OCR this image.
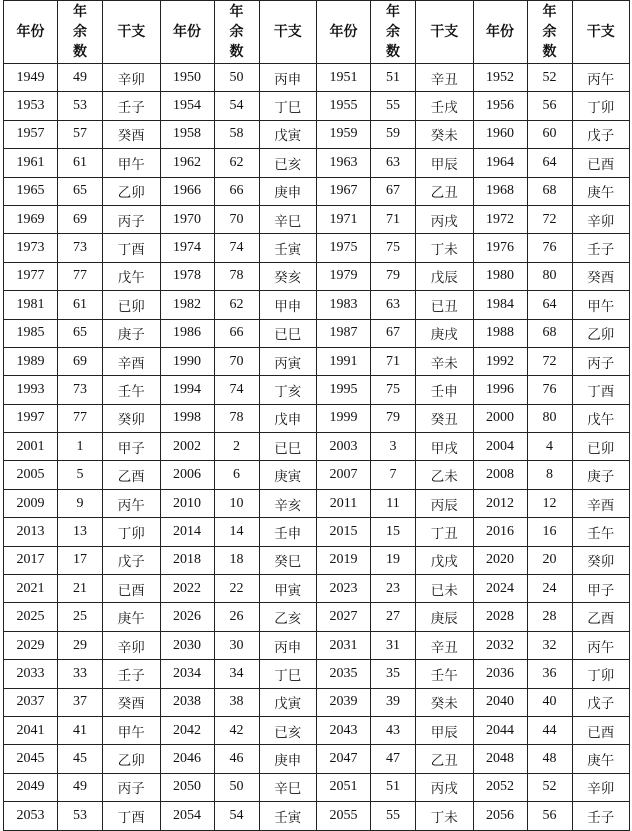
年份	年
余
数	干支	年份	年
余
数	干支	年份	年
余
数	干支	年份	年
余
数	干支
1949	49	辛卯	1950	50	丙申	1951	51	辛丑	1952	52	丙午
1953	53	壬子	1954	54	丁巳	1955	55	壬戌	1956	56	丁卯
1957	57	癸酉	1958	58	戊寅	1959	59	癸未	1960	60	戊子
1961	61	甲午	1962	62	已亥	1963	63	甲辰	1964	64	已酉
1965	65	乙卯	1966	66	庚申	1967	67	乙丑	1968	68	庚午
1969	69	丙子	1970	70	辛巳	1971	71	丙戌	1972	72	辛卯
1973	73	丁酉	1974	74	壬寅	1975	75	丁未	1976	76	壬子
1977	77	戊午	1978	78	癸亥	1979	79	戊辰	1980	80	癸酉
1981	61	已卯	1982	62	甲申	1983	63	已丑	1984	64	甲午
1985	65	庚子	1986	66	已巳	1987	67	庚戌	1988	68	乙卯
1989	69	辛酉	1990	70	丙寅	1991	71	辛未	1992	72	丙子
1993	73	壬午	1994	74	丁亥	1995	75	壬申	1996	76	丁酉
1997	77	癸卯	1998	78	戊申	1999	79	癸丑	2000	80	戊午
2001	1	甲子	2002	2	已巳	2003	3	甲戌	2004	4	已卯
2005	5	乙酉	2006	6	庚寅	2007	7	乙未	2008	8	庚子
2009	9	丙午	2010	10	辛亥	2011	11	丙辰	2012	12	辛酉
2013	13	丁卯	2014	14	壬申	2015	15	丁丑	2016	16	壬午
2017	17	戊子	2018	18	癸巳	2019	19	戊戌	2020	20	癸卯
2021	21	已酉	2022	22	甲寅	2023	23	已未	2024	24	甲子
2025	25	庚午	2026	26	乙亥	2027	27	庚辰	2028	28	乙酉
2029	29	辛卯	2030	30	丙申	2031	31	辛丑	2032	32	丙午
2033	33	壬子	2034	34	丁巳	2035	35	壬午	2036	36	丁卯
2037	37	癸酉	2038	38	戊寅	2039	39	癸未	2040	40	戊子
2041	41	甲午	2042	42	已亥	2043	43	甲辰	2044	44	已酉
2045	45	乙卯	2046	46	庚申	2047	47	乙丑	2048	48	庚午
2049	49	丙子	2050	50	辛巳	2051	51	丙戌	2052	52	辛卯
2053	53	丁酉	2054	54	壬寅	2055	55	丁未	2056	56	壬子
